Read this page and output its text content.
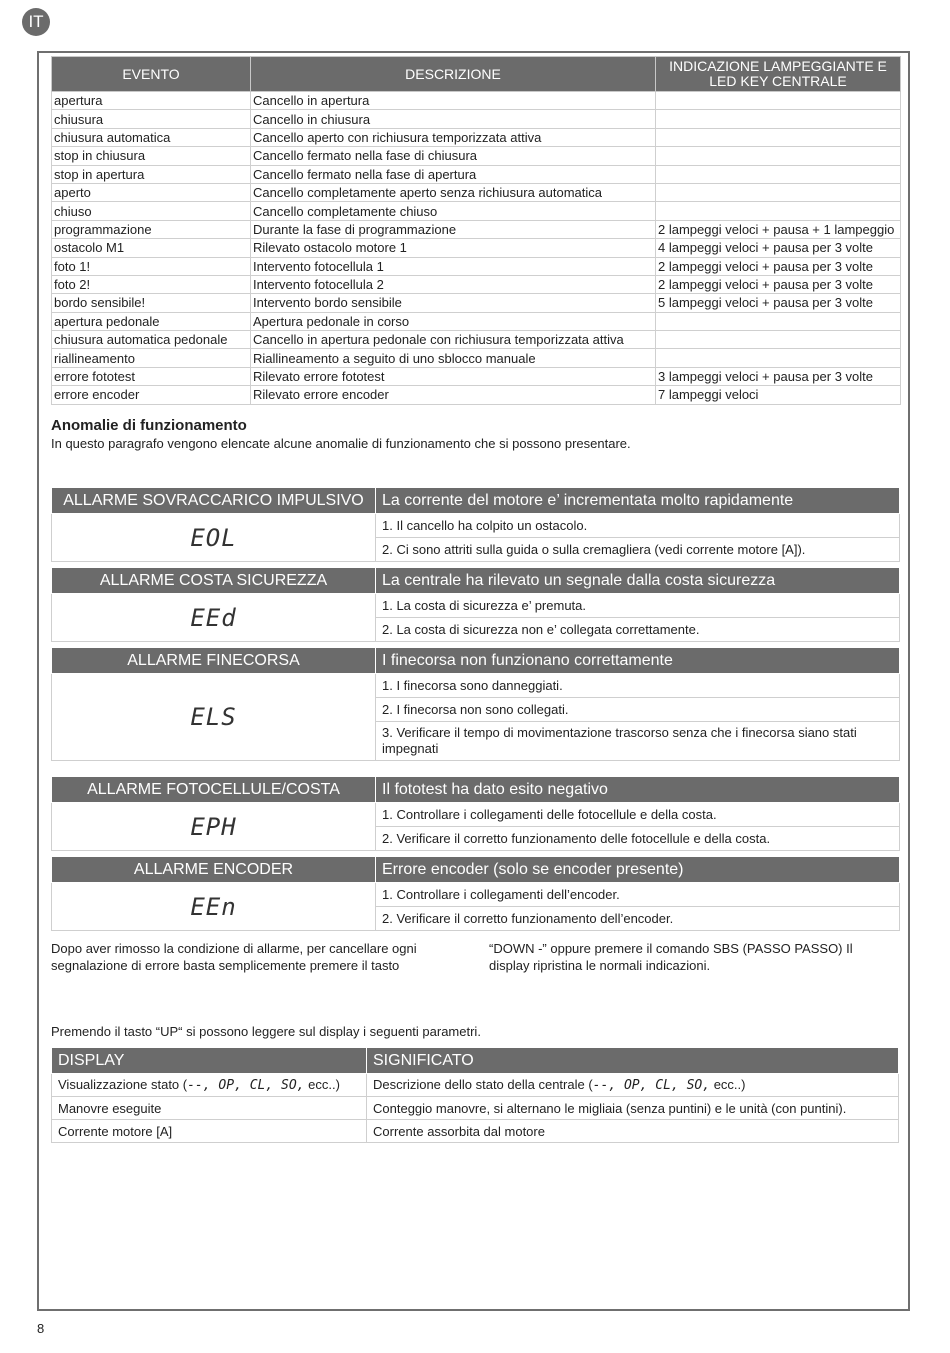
IT
EVENTO	DESCRIZIONE	INDICAZIONE LAMPEGGIANTE E LED KEY CENTRALE
apertura	Cancello in apertura	
chiusura	Cancello in chiusura	
chiusura automatica	Cancello aperto con richiusura temporizzata attiva	
stop in chiusura	Cancello fermato nella fase di chiusura	
stop in apertura	Cancello fermato nella fase di apertura	
aperto	Cancello completamente aperto senza richiusura automatica	
chiuso	Cancello completamente chiuso	
programmazione	Durante la fase di programmazione	2 lampeggi veloci + pausa + 1 lampeggio
ostacolo M1	Rilevato ostacolo motore 1	4 lampeggi veloci + pausa per 3 volte
foto 1!	Intervento fotocellula 1	2 lampeggi veloci + pausa per 3 volte
foto 2!	Intervento fotocellula 2	2 lampeggi veloci + pausa per 3 volte
bordo sensibile!	Intervento bordo sensibile	5 lampeggi veloci + pausa per 3 volte
apertura pedonale	Apertura pedonale in corso	
chiusura automatica pedonale	Cancello in apertura pedonale con richiusura temporizzata attiva	
riallineamento	Riallineamento a seguito di uno sblocco manuale	
errore fototest	Rilevato errore fototest	3 lampeggi veloci + pausa per 3 volte
errore encoder	Rilevato errore encoder	7 lampeggi veloci
Anomalie di funzionamento
In questo paragrafo vengono elencate alcune anomalie di funzionamento che si possono presentare.
ALLARME SOVRACCARICO IMPULSIVO	La corrente del motore e’ incrementata molto rapidamente
EOL	1. Il cancello ha colpito un ostacolo.
	2. Ci sono attriti sulla guida o sulla cremagliera (vedi corrente motore [A]).

ALLARME COSTA SICUREZZA	La centrale ha rilevato un segnale dalla costa sicurezza
EEd	1. La costa di sicurezza e’ premuta.
	2. La costa di sicurezza non e’ collegata correttamente.

ALLARME FINECORSA	I finecorsa non funzionano correttamente
ELS	1. I finecorsa sono danneggiati.
	2. I finecorsa non sono collegati.
	3. Verificare il tempo di movimentazione trascorso senza che i finecorsa siano stati impegnati

ALLARME FOTOCELLULE/COSTA	Il fototest ha dato esito negativo
EPH	1. Controllare i collegamenti delle fotocellule e della costa.
	2. Verificare il corretto funzionamento delle fotocellule e della costa.

ALLARME ENCODER	Errore encoder (solo se encoder presente)
EEn	1. Controllare i collegamenti dell’encoder.
	2. Verificare il corretto funzionamento dell’encoder.

Dopo aver rimosso la condizione di allarme, per cancellare ogni segnalazione di errore basta semplicemente premere il tasto
“DOWN -” oppure premere il comando SBS (PASSO PASSO) Il display ripristina le normali indicazioni.
Premendo il tasto “UP“ si possono leggere sul display i seguenti parametri.
DISPLAY	SIGNIFICATO
Visualizzazione stato (--, OP, CL, SO, ecc..)	Descrizione dello stato della centrale (--, OP, CL, SO, ecc..)
Manovre eseguite	Conteggio manovre, si alternano le migliaia (senza puntini) e le unità (con puntini).
Corrente motore [A]	Corrente assorbita dal motore
8
